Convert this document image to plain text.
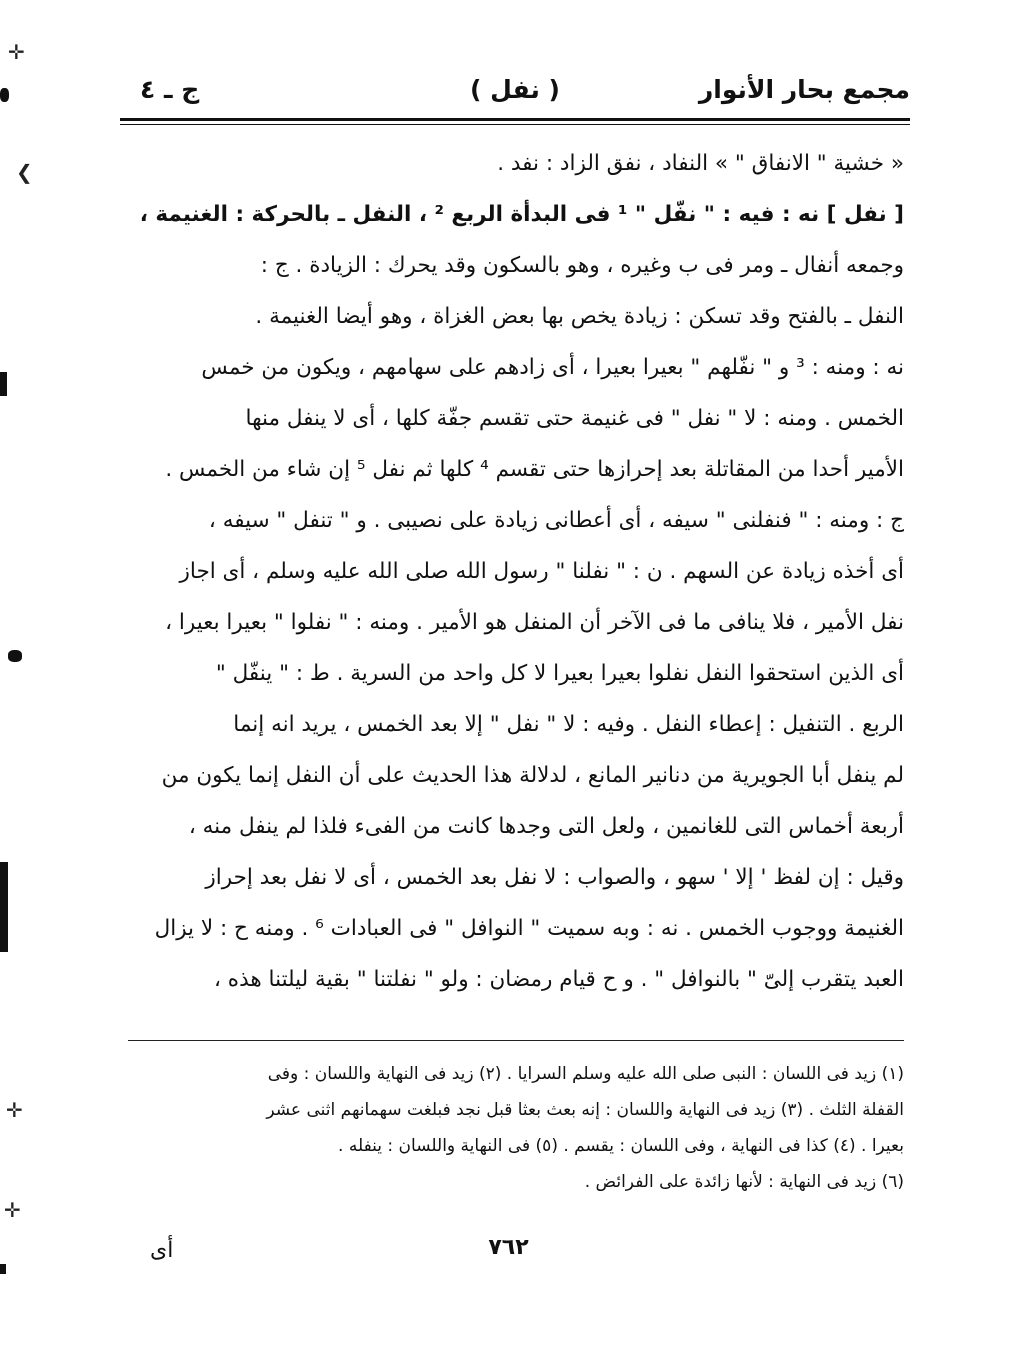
✛
❮
✛
✛
مجمع بحار الأنوار
( نفل )
ج ـ ٤
« خشية " الانفاق " » النفاد ، نفق الزاد : نفد .
[ نفل ] نه : فيه : " نفّل " ¹ فى البدأة الربع ² ، النفل ـ بالحركة : الغنيمة ،
وجمعه أنفال ـ ومر فى ب وغيره ، وهو بالسكون وقد يحرك : الزيادة . ج :
النفل ـ بالفتح وقد تسكن : زيادة يخص بها بعض الغزاة ، وهو أيضا الغنيمة .
نه : ومنه : ³ و " نفّلهم " بعيرا بعيرا ، أى زادهم على سهامهم ، ويكون من خمس
الخمس . ومنه : لا " نفل " فى غنيمة حتى تقسم جفّة كلها ، أى لا ينفل منها
الأمير أحدا من المقاتلة بعد إحرازها حتى تقسم ⁴ كلها ثم نفل ⁵ إن شاء من الخمس .
ج : ومنه : " فنفلنى " سيفه ، أى أعطانى زيادة على نصيبى . و " تنفل " سيفه ،
أى أخذه زيادة عن السهم . ن : " نفلنا " رسول الله صلى الله عليه وسلم ، أى اجاز
نفل الأمير ، فلا ينافى ما فى الآخر أن المنفل هو الأمير . ومنه : " نفلوا " بعيرا بعيرا ،
أى الذين استحقوا النفل نفلوا بعيرا بعيرا لا كل واحد من السرية . ط : " ينفّل "
الربع . التنفيل : إعطاء النفل . وفيه : لا " نفل " إلا بعد الخمس ، يريد انه إنما
لم ينفل أبا الجويرية من دنانير المانع ، لدلالة هذا الحديث على أن النفل إنما يكون من
أربعة أخماس التى للغانمين ، ولعل التى وجدها كانت من الفىء فلذا لم ينفل منه ،
وقيل : إن لفظ ' إلا ' سهو ، والصواب : لا نفل بعد الخمس ، أى لا نفل بعد إحراز
الغنيمة ووجوب الخمس . نه : وبه سميت " النوافل " فى العبادات ⁶ . ومنه ح : لا يزال
العبد يتقرب إلىّ " بالنوافل " . و ح قيام رمضان : ولو " نفلتنا " بقية ليلتنا هذه ،
(١) زيد فى اللسان : النبى صلى الله عليه وسلم السرايا . (٢) زيد فى النهاية واللسان : وفى
القفلة الثلث . (٣) زيد فى النهاية واللسان : إنه بعث بعثا قبل نجد فبلغت سهمانهم اثنى عشر
بعيرا . (٤) كذا فى النهاية ، وفى اللسان : يقسم . (٥) فى النهاية واللسان : ينفله .
(٦) زيد فى النهاية : لأنها زائدة على الفرائض .
٧٦٢
أى
